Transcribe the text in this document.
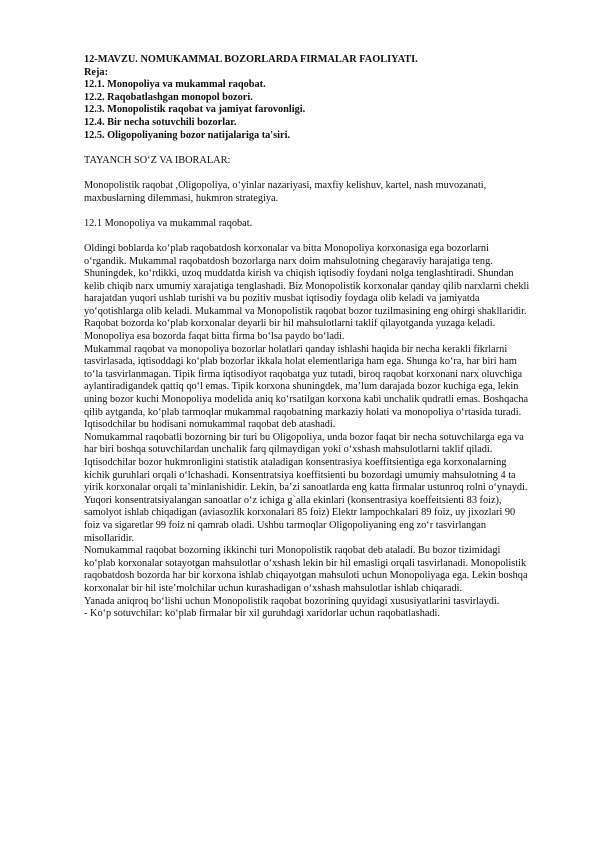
12-MAVZU. NOMUKAMMAL BOZORLARDA FIRMALAR FAOLIYATI.

Reja:

12.1. Monopoliya va mukammal raqobat.

12.2. Raqobatlashgan monopol bozori.

12.3. Monopolistik raqobat va jamiyat farovonligi.

12.4. Bir necha sotuvchili bozorlar.

12.5. Oligopoliyaning bozor natijalariga ta'siri.

TAYANCH SO‘Z VA IBORALAR:

Monopolistik raqobat ,Oligopoliya, o‘yinlar nazariyasi, maxfiy kelishuv, kartel, nash muvozanati, maxbuslarning dilemmasi, hukmron strategiya.

12.1 Monopoliya va mukammal raqobat.

Oldingi boblarda ko‘plab raqobatdosh korxonalar va bitta Monopoliya korxonasiga ega bozorlarni o‘rgandik. Mukammal raqobatdosh bozorlarga narx doim mahsulotning chegaraviy harajatiga teng. Shuningdek, ko‘rdikki, uzoq muddatda kirish va chiqish iqtisodiy foydani nolga tenglashtiradi. Shundan kelib chiqib narx umumiy xarajatiga tenglashadi. Biz Monopolistik korxonalar qanday qilib narxlarni chekli harajatdan yuqori ushlab turishi va bu pozitiv musbat iqtisodiy foydaga olib keladi va jamiyatda yo‘qotishlarga olib keladi. Mukammal va Monopolistik raqobat bozor tuzilmasining eng ohirgi shakllaridir. Raqobat bozorda ko‘plab korxonalar deyarli bir hil mahsulotlarni taklif qilayotganda yuzaga keladi. Monopoliya esa bozorda faqat bitta firma bo‘lsa paydo bo‘ladi.

Mukammal raqobat va monopoliya bozorlar holatlari qanday ishlashi haqida bir necha kerakli fikrlarni tasvirlasada, iqtisoddagi ko‘plab bozorlar ikkala holat elementlariga ham ega. Shunga ko‘ra, har biri ham to‘la tasvirlanmagan. Tipik firma iqtisodiyot raqobatga yuz tutadi, biroq raqobat korxonani narx oluvchiga aylantiradigandek qattiq qo‘l emas. Tipik korxona shuningdek, ma’lum darajada bozor kuchiga ega, lekin uning bozor kuchi Monopoliya modelida aniq ko‘rsatilgan korxona kabi unchalik qudratli emas. Boshqacha qilib aytganda, ko‘plab tarmoqlar mukammal raqobatning markaziy holati va monopoliya o‘rtasida turadi. Iqtisodchilar bu hodisani nomukammal raqobat deb atashadi.

Nomukammal raqobatli bozorning bir turi bu Oligopoliya, unda bozor faqat bir necha sotuvchilarga ega va har biri boshqa sotuvchilardan unchalik farq qilmaydigan yoki o‘xshash mahsulotlarni taklif qiladi. Iqtisodchilar bozor hukmronligini statistik ataladigan konsentrasiya koeffitsientiga ega korxonalarning kichik guruhlari orqali o‘lchashadi. Konsentratsiya koeffitsienti bu bozordagi umumiy mahsulotning 4 ta yirik korxonalar orqali ta’minlanishidir. Lekin, ba’zi sanoatlarda eng katta firmalar ustunroq rolni o‘ynaydi. Yuqori konsentratsiyalangan sanoatlar o‘z ichiga g`alla ekinlari (konsentrasiya koeffeitsienti 83 foiz), samolyot ishlab chiqadigan (aviasozlik korxonalari 85 foiz) Elektr lampochkalari 89 foiz, uy jixozlari 90 foiz va sigaretlar 99 foiz ni qamrab oladi. Ushbu tarmoqlar Oligopoliyaning eng zo‘r tasvirlangan misollaridir.

Nomukammal raqobat bozorning ikkinchi turi Monopolistik raqobat deb ataladi. Bu bozor tizimidagi ko‘plab korxonalar sotayotgan mahsulotlar o‘xshash lekin bir hil emasligi orqali tasvirlanadi. Monopolistik raqobatdosh bozorda har bir korxona ishlab chiqayotgan mahsuloti uchun Monopoliyaga ega. Lekin boshqa korxonalar bir hil iste’molchilar uchun kurashadigan o‘xshash mahsulotlar ishlab chiqaradi.

Yanada aniqroq bo‘lishi uchun Monopolistik raqobat bozorining quyidagi xususiyatlarini tasvirlaydi.

- Ko‘p sotuvchilar: ko‘plab firmalar bir xil guruhdagi xaridorlar uchun raqobatlashadi.
